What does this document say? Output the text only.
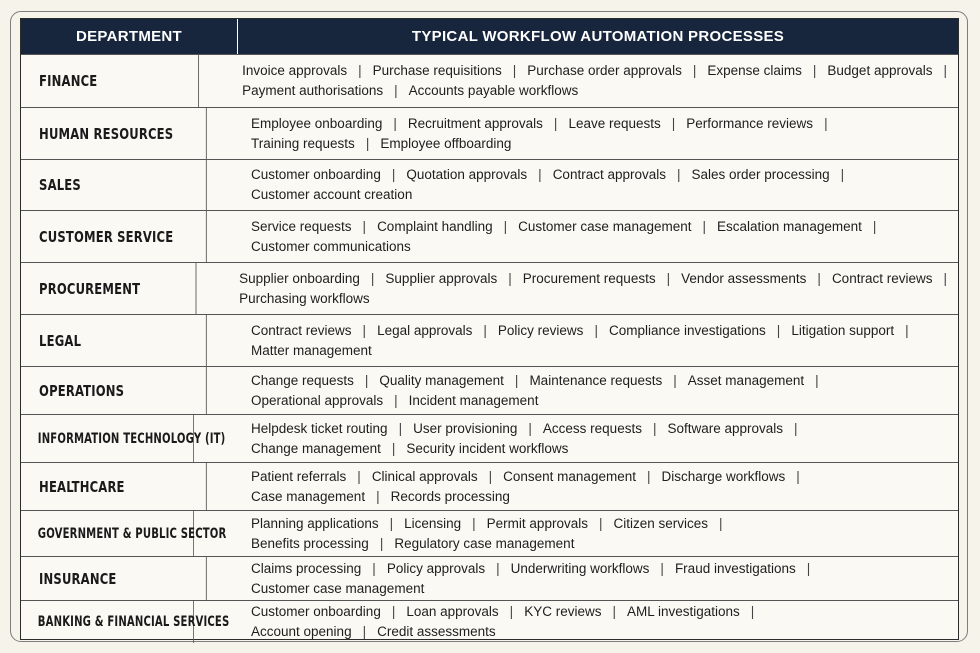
DEPARTMENT	TYPICAL WORKFLOW AUTOMATION PROCESSES
FINANCE
Invoice approvals | Purchase requisitions | Purchase order approvals | Expense claims | Budget approvals |
Payment authorisations | Accounts payable workflows
HUMAN RESOURCES
Employee onboarding | Recruitment approvals | Leave requests | Performance reviews |
Training requests | Employee offboarding
SALES
Customer onboarding | Quotation approvals | Contract approvals | Sales order processing |
Customer account creation
CUSTOMER SERVICE
Service requests | Complaint handling | Customer case management | Escalation management |
Customer communications
PROCUREMENT
Supplier onboarding | Supplier approvals | Procurement requests | Vendor assessments | Contract reviews |
Purchasing workflows
LEGAL
Contract reviews | Legal approvals | Policy reviews | Compliance investigations | Litigation support |
Matter management
OPERATIONS
Change requests | Quality management | Maintenance requests | Asset management |
Operational approvals | Incident management
INFORMATION TECHNOLOGY (IT)
Helpdesk ticket routing | User provisioning | Access requests | Software approvals |
Change management | Security incident workflows
HEALTHCARE
Patient referrals | Clinical approvals | Consent management | Discharge workflows |
Case management | Records processing
GOVERNMENT & PUBLIC SECTOR
Planning applications | Licensing | Permit approvals | Citizen services |
Benefits processing | Regulatory case management
INSURANCE
Claims processing | Policy approvals | Underwriting workflows | Fraud investigations |
Customer case management
BANKING & FINANCIAL SERVICES
Customer onboarding | Loan approvals | KYC reviews | AML investigations |
Account opening | Credit assessments
